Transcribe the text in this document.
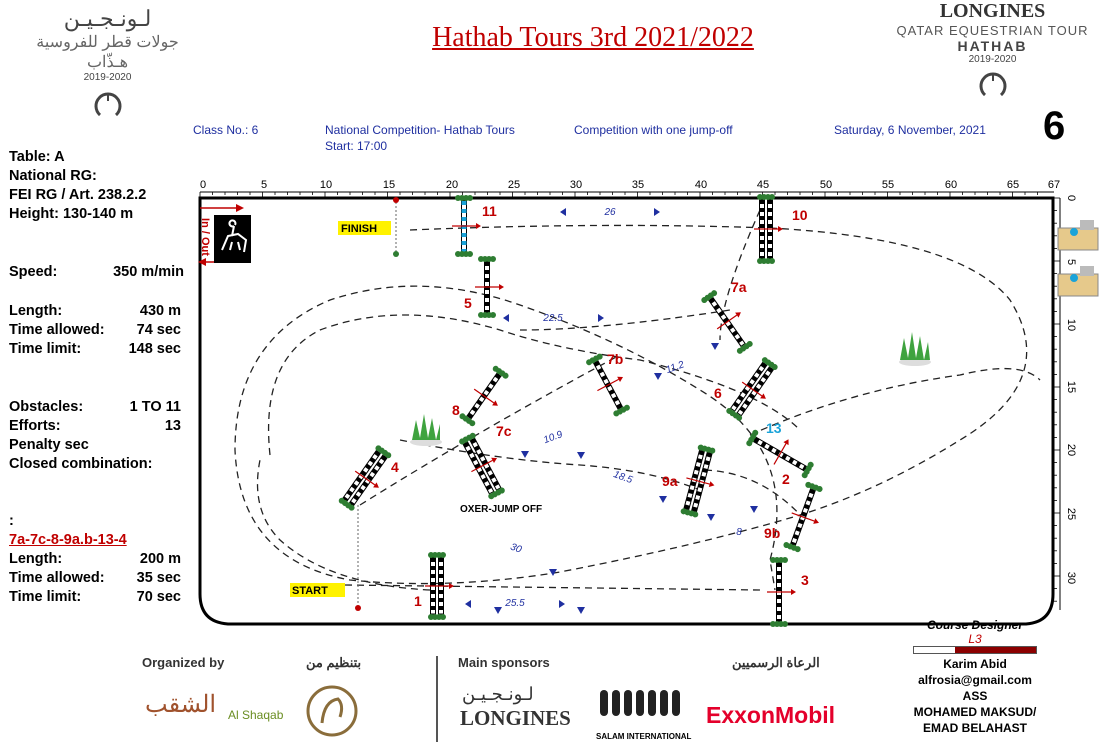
لـونـجـيـن
جولات قطر للفروسية
هـذّاب
2019-2020
LONGINES
QATAR EQUESTRIAN TOUR
HATHAB
2019-2020
Hathab Tours 3rd 2021/2022
Class No.: 6	National Competition- Hathab Tours
Start: 17:00
Competition with one jump-off	Saturday, 6 November, 2021 6
Table: A
National RG:
FEI RG / Art. 238.2.2
Height: 130-140 m
Speed:	350 m/min
Length:	430 m
Time allowed: 74 sec
Time limit:	148 sec
Obstacles:	1 TO 11
Efforts:	13
Penalty sec
Closed combination:
:
7a-7c-8-9a.b-13-4
Length:	200 m
Time allowed: 35 sec
Time limit:	70 sec
0	5	10	15	20	25	30	35	40	45	50	55	60	65	67
0
5
10
15
20
25
30
In / Out	FINISH
START
11	10
5
7a
7b
6
8
7c	13
4
9a	2
9b
1
3
26
22.5
11.2
10.9
18.5
8
30
25.5
OXER-JUMP OFF
Organized by	بتنظيم من	Main sponsors	الرعاة الرسميين
الشقب Al Shaqab
لـونـجـيـن
LONGINES
SALAM INTERNATIONAL
ExxonMobil
Course Designer
L3
Karim Abid
alfrosia@gmail.com
ASS
MOHAMED MAKSUD/
EMAD BELAHAST
